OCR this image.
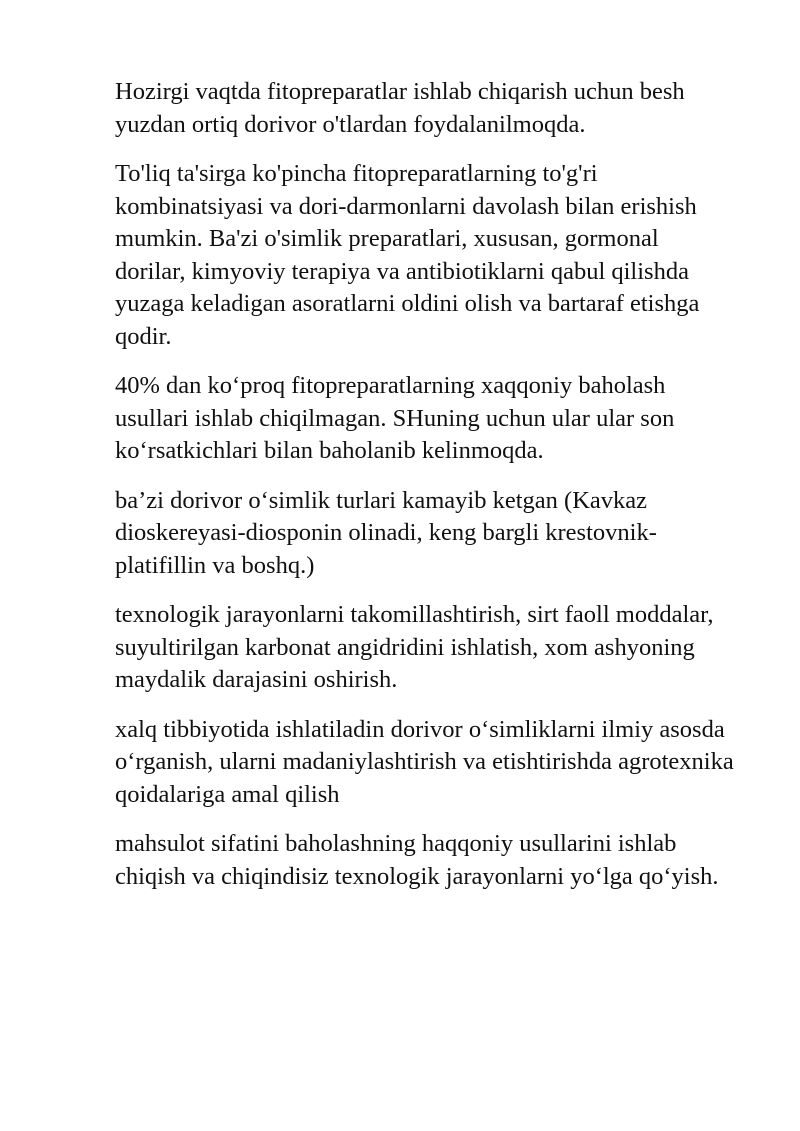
Hozirgi vaqtda fitopreparatlar ishlab chiqarish uchun besh yuzdan ortiq dorivor o'tlardan foydalanilmoqda.

To'liq ta'sirga ko'pincha fitopreparatlarning to'g'ri kombinatsiyasi va dori-darmonlarni davolash bilan erishish mumkin. Ba'zi o'simlik preparatlari, xususan, gormonal dorilar, kimyoviy terapiya va antibiotiklarni qabul qilishda yuzaga keladigan asoratlarni oldini olish va bartaraf etishga qodir.

40% dan ko‘proq fitopreparatlarning xaqqoniy baholash usullari ishlab chiqilmagan. SHuning uchun ular ular son ko‘rsatkichlari bilan baholanib kelinmoqda.

ba’zi dorivor o‘simlik turlari kamayib ketgan (Kavkaz dioskereyasi-diosponin olinadi, keng bargli krestovnik-platifillin va boshq.)

texnologik jarayonlarni takomillashtirish, sirt faoll moddalar, suyultirilgan karbonat angidridini ishlatish, xom ashyoning maydalik darajasini oshirish.

xalq tibbiyotida ishlatiladin dorivor o‘simliklarni ilmiy asosda o‘rganish, ularni madaniylashtirish va etishtirishda agrotexnika qoidalariga amal qilish

mahsulot sifatini baholashning haqqoniy usullarini ishlab chiqish va chiqindisiz texnologik jarayonlarni yo‘lga qo‘yish.
